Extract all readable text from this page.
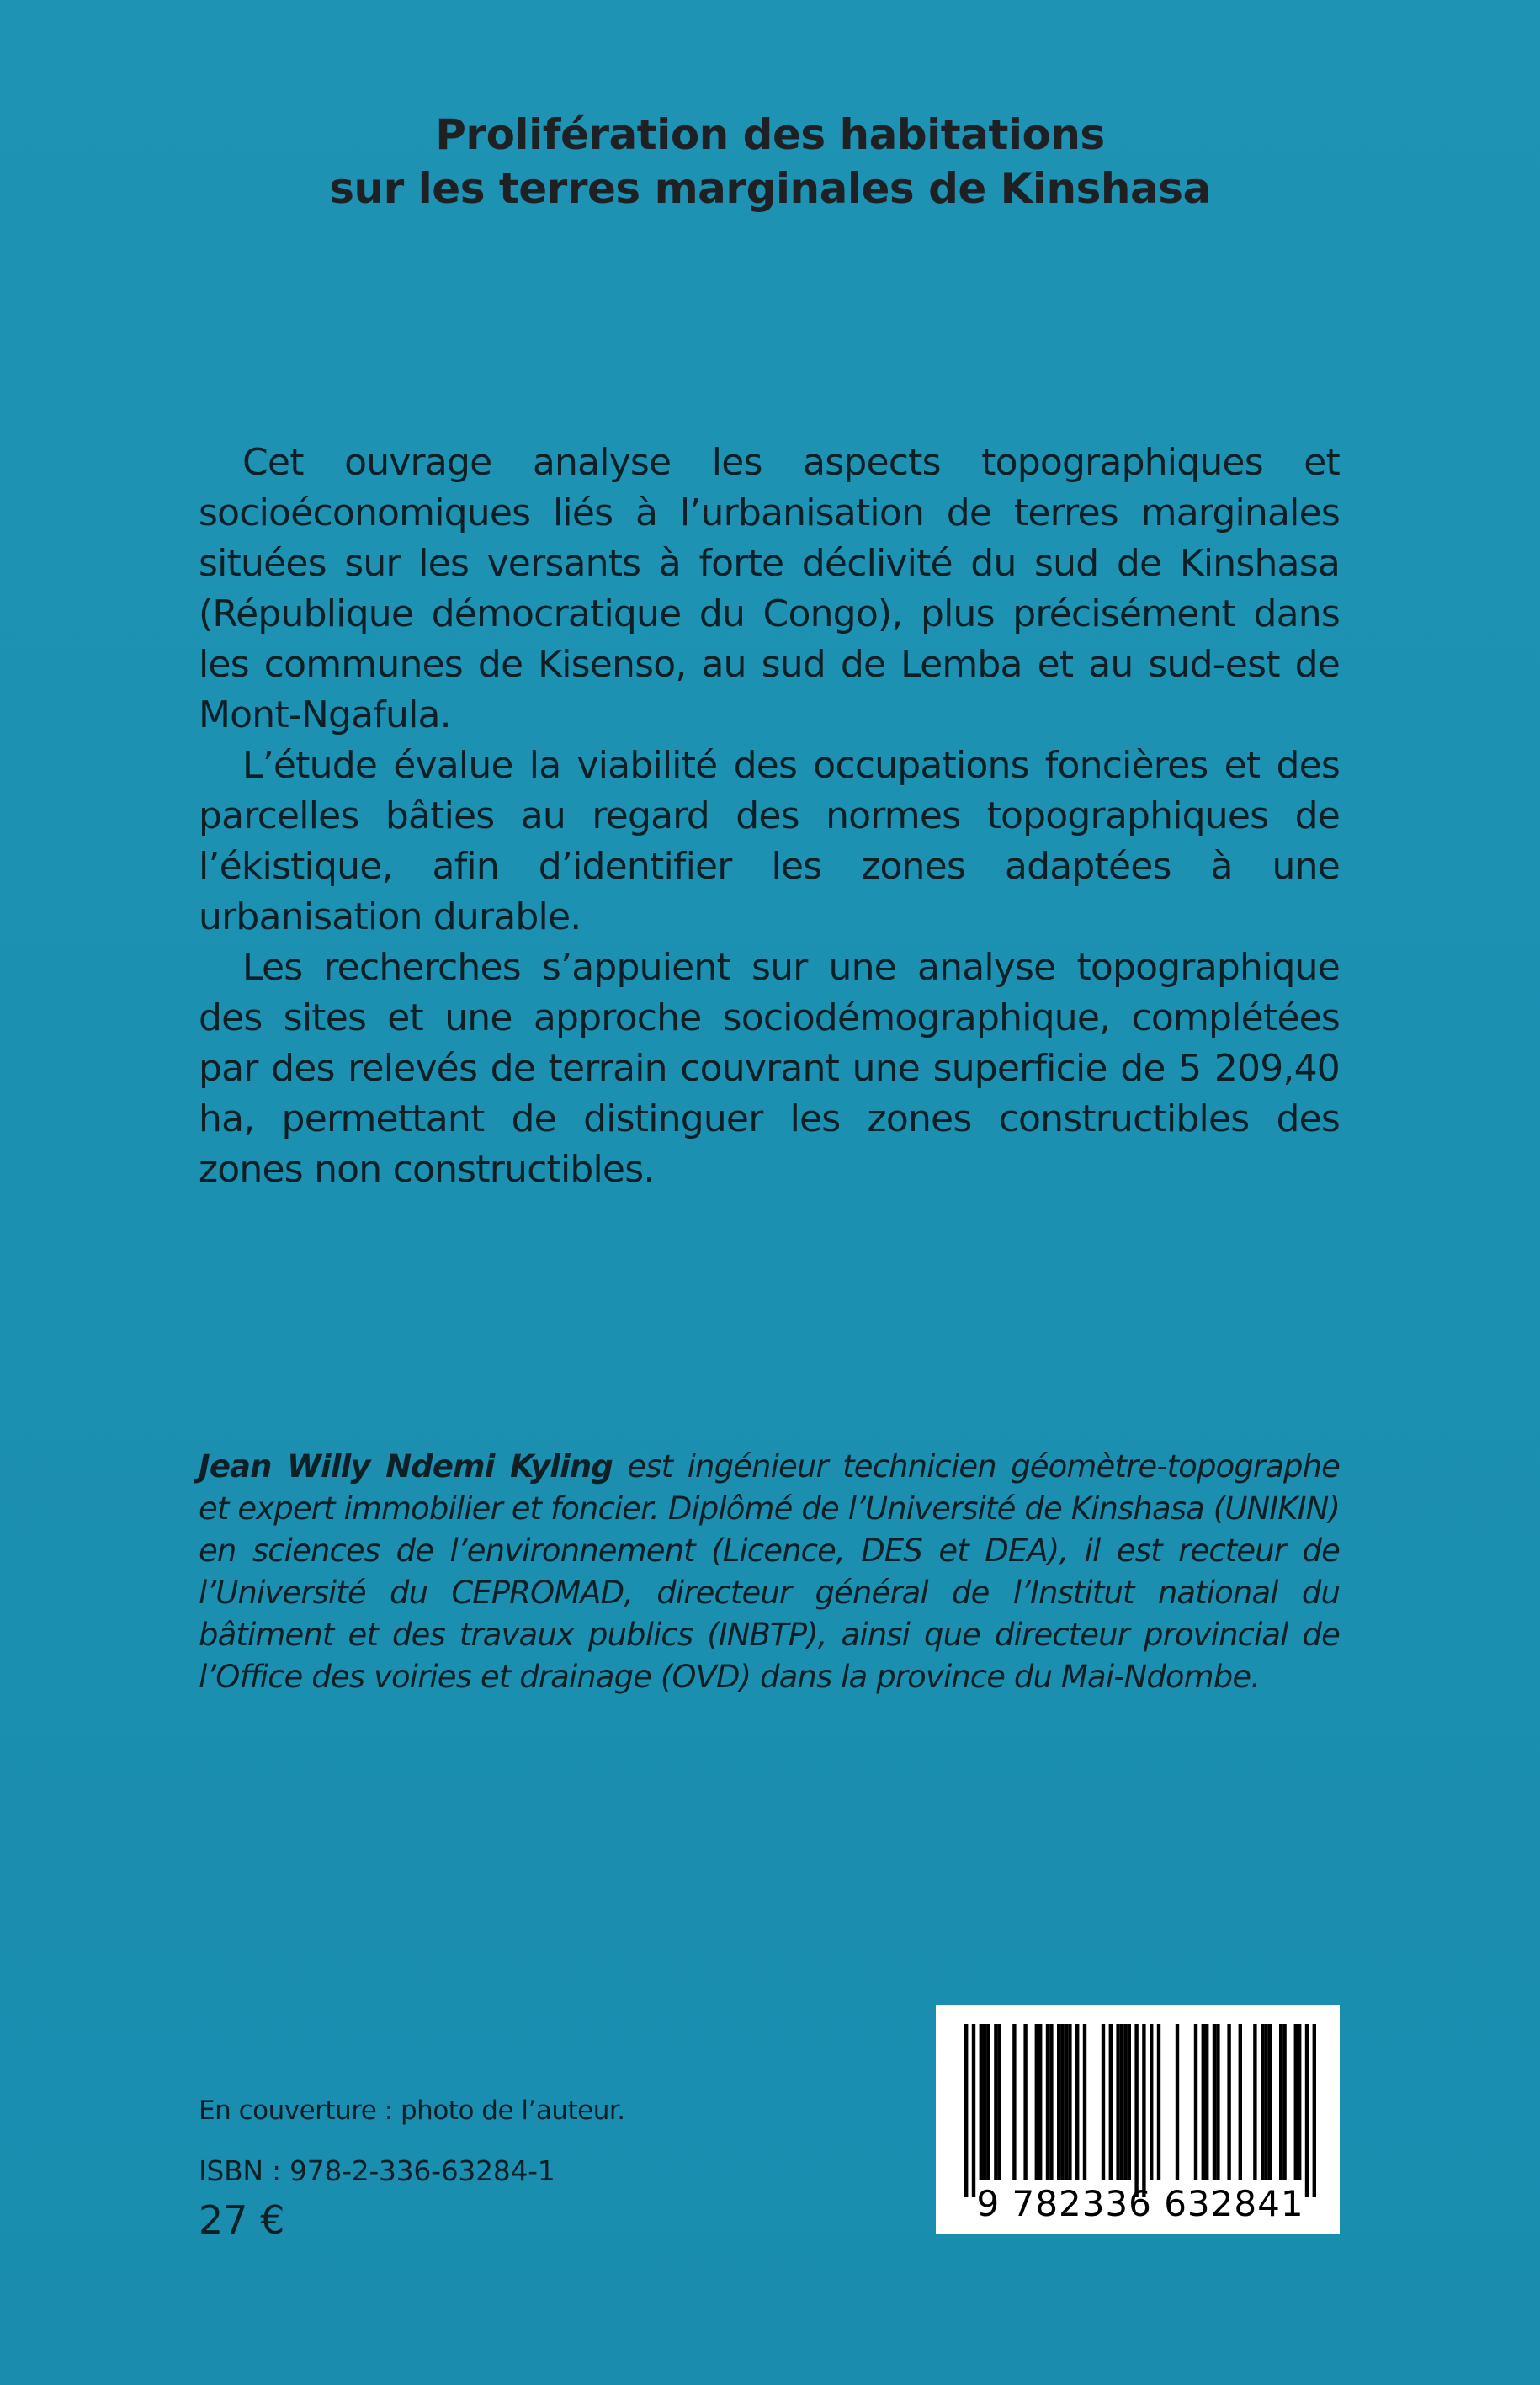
Prolifération des habitations
sur les terres marginales de Kinshasa

Cet ouvrage analyse les aspects topographiques et socioéconomiques liés à l’urbanisation de terres marginales situées sur les versants à forte déclivité du sud de Kinshasa (République démocratique du Congo), plus précisément dans les communes de Kisenso, au sud de Lemba et au sud-est de Mont-Ngafula.

L’étude évalue la viabilité des occupations foncières et des parcelles bâties au regard des normes topographiques de l’ékistique, afin d’identifier les zones adaptées à une urbanisation durable.

Les recherches s’appuient sur une analyse topographique des sites et une approche sociodémographique, complétées par des relevés de terrain couvrant une superficie de 5 209,40 ha, permettant de distinguer les zones constructibles des zones non constructibles.

Jean Willy Ndemi Kyling est ingénieur technicien géomètre-topographe et expert immobilier et foncier. Diplômé de l’Université de Kinshasa (UNIKIN) en sciences de l’environnement (Licence, DES et DEA), il est recteur de l’Université du CEPROMAD, directeur général de l’Institut national du bâtiment et des travaux publics (INBTP), ainsi que directeur provincial de l’Office des voiries et drainage (OVD) dans la province du Mai-Ndombe.
En couverture : photo de l’auteur.
ISBN : 978-2-336-63284-1
27 €	9 782336 632841
